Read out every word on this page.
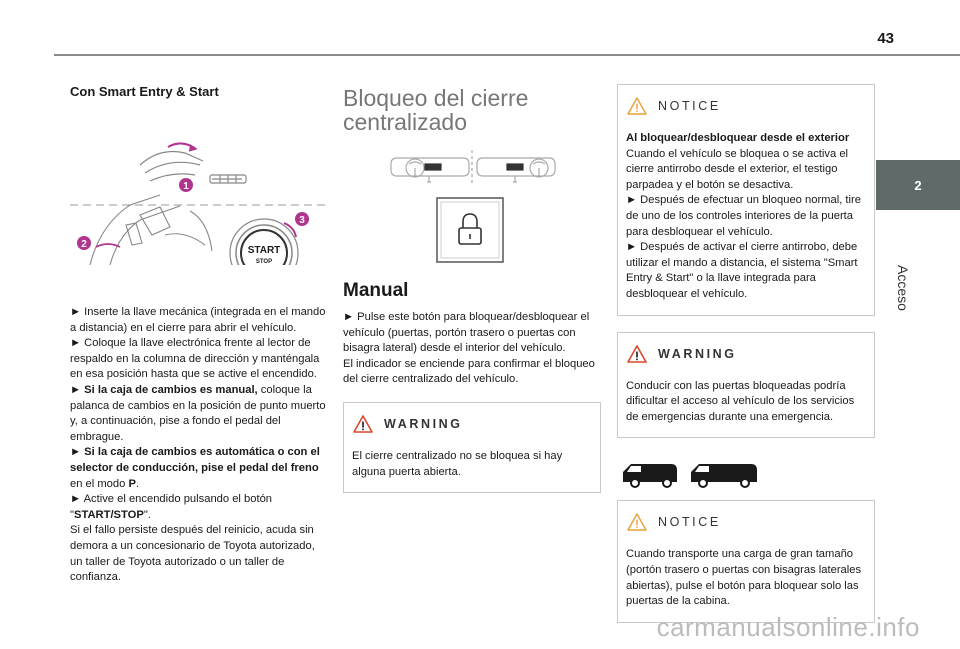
43
2
Acceso
Con Smart Entry & Start
1
2
START
STOP
3

► Inserte la llave mecánica (integrada en el mando a distancia) en el cierre para abrir el vehículo.

► Coloque la llave electrónica frente al lector de respaldo en la columna de dirección y manténgala en esa posición hasta que se active el encendido.

► Si la caja de cambios es manual, coloque la palanca de cambios en la posición de punto muerto y, a continuación, pise a fondo el pedal del embrague.

► Si la caja de cambios es automática o con el selector de conducción, pise el pedal del freno en el modo P.

► Active el encendido pulsando el botón "START/STOP".

Si el fallo persiste después del reinicio, acuda sin demora a un concesionario de Toyota autorizado, un taller de Toyota autorizado o un taller de confianza.

Bloqueo del cierre centralizado
Manual

► Pulse este botón para bloquear/desbloquear el vehículo (puertas, portón trasero o puertas con bisagra lateral) desde el interior del vehículo.

El indicador se enciende para confirmar el bloqueo del cierre centralizado del vehículo.

WARNING
El cierre centralizado no se bloquea si hay alguna puerta abierta.
NOTICE

Al bloquear/desbloquear desde el exterior

Cuando el vehículo se bloquea o se activa el cierre antirrobo desde el exterior, el testigo parpadea y el botón se desactiva.

► Después de efectuar un bloqueo normal, tire de uno de los controles interiores de la puerta para desbloquear el vehículo.

► Después de activar el cierre antirrobo, debe utilizar el mando a distancia, el sistema "Smart Entry & Start" o la llave integrada para desbloquear el vehículo.

WARNING
Conducir con las puertas bloqueadas podría dificultar el acceso al vehículo de los servicios de emergencias durante una emergencia.
NOTICE
Cuando transporte una carga de gran tamaño (portón trasero o puertas con bisagras laterales abiertas), pulse el botón para bloquear solo las puertas de la cabina.
carmanualsonline.info
